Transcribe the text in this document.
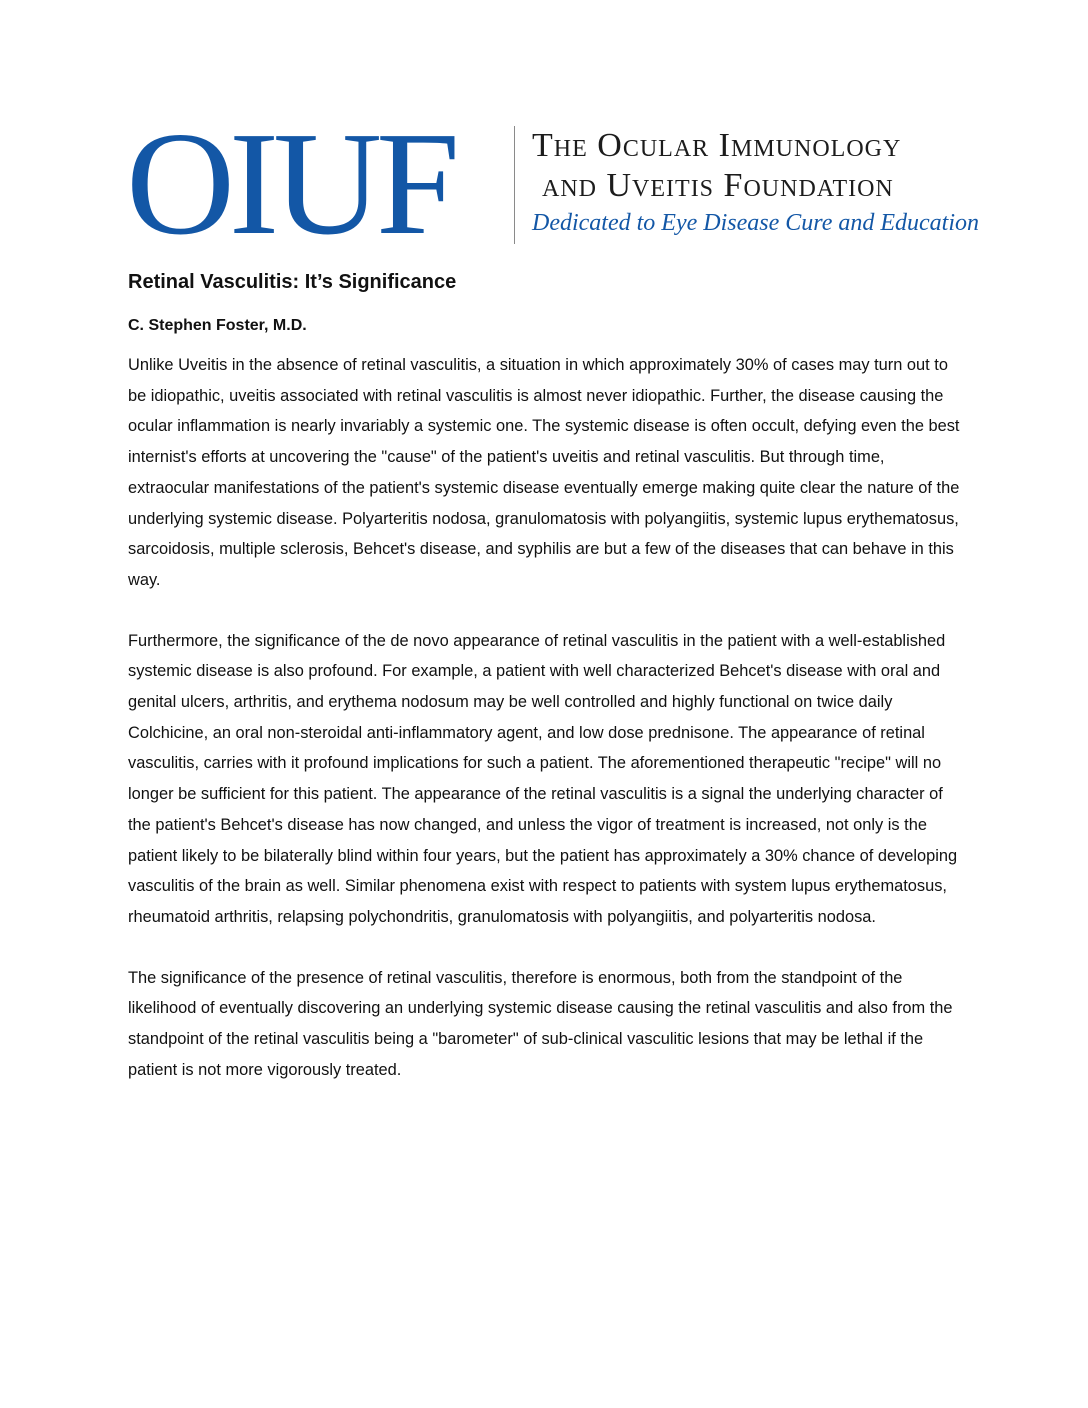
OIUF The Ocular Immunology
and Uveitis Foundation
Dedicated to Eye Disease Cure and Education
Retinal Vasculitis: It’s Significance

C. Stephen Foster, M.D.

Unlike Uveitis in the absence of retinal vasculitis, a situation in which approximately 30% of cases may turn out to be idiopathic, uveitis associated with retinal vasculitis is almost never idiopathic. Further, the disease causing the ocular inflammation is nearly invariably a systemic one. The systemic disease is often occult, defying even the best internist's efforts at uncovering the "cause" of the patient's uveitis and retinal vasculitis. But through time, extraocular manifestations of the patient's systemic disease eventually emerge making quite clear the nature of the underlying systemic disease. Polyarteritis nodosa, granulomatosis with polyangiitis, systemic lupus erythematosus, sarcoidosis, multiple sclerosis, Behcet's disease, and syphilis are but a few of the diseases that can behave in this way.

Furthermore, the significance of the de novo appearance of retinal vasculitis in the patient with a well-established systemic disease is also profound. For example, a patient with well characterized Behcet's disease with oral and genital ulcers, arthritis, and erythema nodosum may be well controlled and highly functional on twice daily Colchicine, an oral non-steroidal anti-inflammatory agent, and low dose prednisone. The appearance of retinal vasculitis, carries with it profound implications for such a patient. The aforementioned therapeutic "recipe" will no longer be sufficient for this patient. The appearance of the retinal vasculitis is a signal the underlying character of the patient's Behcet's disease has now changed, and unless the vigor of treatment is increased, not only is the patient likely to be bilaterally blind within four years, but the patient has approximately a 30% chance of developing vasculitis of the brain as well. Similar phenomena exist with respect to patients with system lupus erythematosus, rheumatoid arthritis, relapsing polychondritis, granulomatosis with polyangiitis, and polyarteritis nodosa.

The significance of the presence of retinal vasculitis, therefore is enormous, both from the standpoint of the likelihood of eventually discovering an underlying systemic disease causing the retinal vasculitis and also from the standpoint of the retinal vasculitis being a "barometer" of sub-clinical vasculitic lesions that may be lethal if the patient is not more vigorously treated.
